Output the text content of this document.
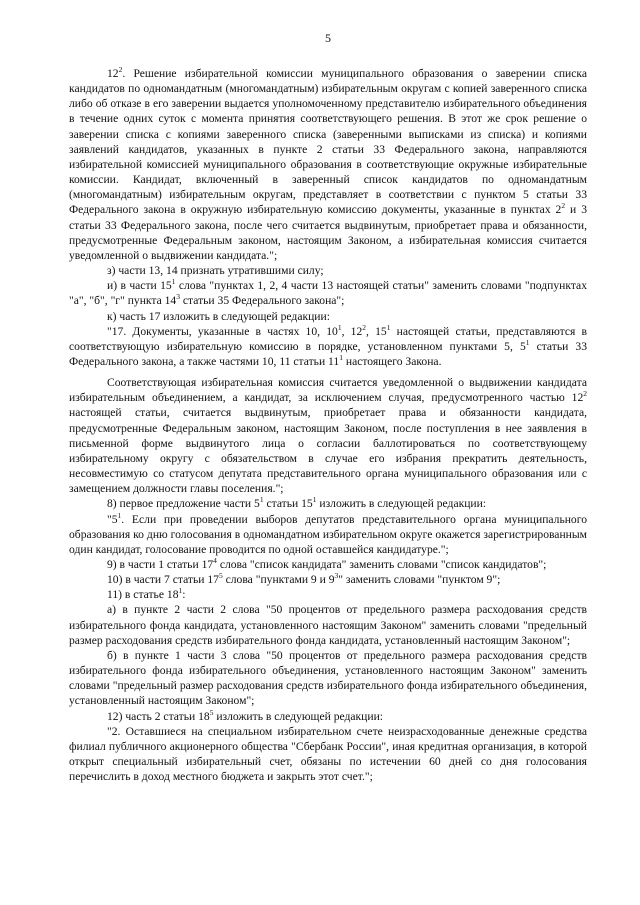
5

$12^2$. Решение избирательной комиссии муниципального образования о заверении списка кандидатов по одномандатным (многомандатным) избирательным округам с копией заверенного списка либо об отказе в его заверении выдается уполномоченному представителю избирательного объединения в течение одних суток с момента принятия соответствующего решения. В этот же срок решение о заверении списка с копиями заверенного списка (заверенными выписками из списка) и копиями заявлений кандидатов, указанных в пункте 2 статьи 33 Федерального закона, направляются избирательной комиссией муниципального образования в соответствующие окружные избирательные комиссии. Кандидат, включенный в заверенный список кандидатов по одномандатным (многомандатным) избирательным округам, представляет в соответствии с пунктом 5 статьи 33 Федерального закона в окружную избирательную комиссию документы, указанные в пунктах $2^2$ и 3 статьи 33 Федерального закона, после чего считается выдвинутым, приобретает права и обязанности, предусмотренные Федеральным законом, настоящим Законом, а избирательная комиссия считается уведомленной о выдвижении кандидата.";

з) части 13, 14 признать утратившими силу;

и) в части $15^1$ слова "пунктах 1, 2, 4 части 13 настоящей статьи" заменить словами "подпунктах "а", "б", "г" пункта $14^3$ статьи 35 Федерального закона";

к) часть 17 изложить в следующей редакции:

"17. Документы, указанные в частях 10, $10^1$, $12^2$, $15^1$ настоящей статьи, представляются в соответствующую избирательную комиссию в порядке, установленном пунктами 5, $5^1$ статьи 33 Федерального закона, а также частями 10, 11 статьи $11^1$ настоящего Закона.

Соответствующая избирательная комиссия считается уведомленной о выдвижении кандидата избирательным объединением, а кандидат, за исключением случая, предусмотренного частью $12^2$ настоящей статьи, считается выдвинутым, приобретает права и обязанности кандидата, предусмотренные Федеральным законом, настоящим Законом, после поступления в нее заявления в письменной форме выдвинутого лица о согласии баллотироваться по соответствующему избирательному округу с обязательством в случае его избрания прекратить деятельность, несовместимую со статусом депутата представительного органа муниципального образования или с замещением должности главы поселения.";

8) первое предложение части $5^1$ статьи $15^1$ изложить в следующей редакции:

"$5^1$. Если при проведении выборов депутатов представительного органа муниципального образования ко дню голосования в одномандатном избирательном округе окажется зарегистрированным один кандидат, голосование проводится по одной оставшейся кандидатуре.";

9) в части 1 статьи $17^4$ слова "список кандидата" заменить словами "список кандидатов";

10) в части 7 статьи $17^5$ слова "пунктами 9 и $9^3$" заменить словами "пунктом 9";

11) в статье $18^1$:

а) в пункте 2 части 2 слова "50 процентов от предельного размера расходования средств избирательного фонда кандидата, установленного настоящим Законом" заменить словами "предельный размер расходования средств избирательного фонда кандидата, установленный настоящим Законом";

б) в пункте 1 части 3 слова "50 процентов от предельного размера расходования средств избирательного фонда избирательного объединения, установленного настоящим Законом" заменить словами "предельный размер расходования средств избирательного фонда избирательного объединения, установленный настоящим Законом";

12) часть 2 статьи $18^5$ изложить в следующей редакции:

"2. Оставшиеся на специальном избирательном счете неизрасходованные денежные средства филиал публичного акционерного общества "Сбербанк России", иная кредитная организация, в которой открыт специальный избирательный счет, обязаны по истечении 60 дней со дня голосования перечислить в доход местного бюджета и закрыть этот счет.";
